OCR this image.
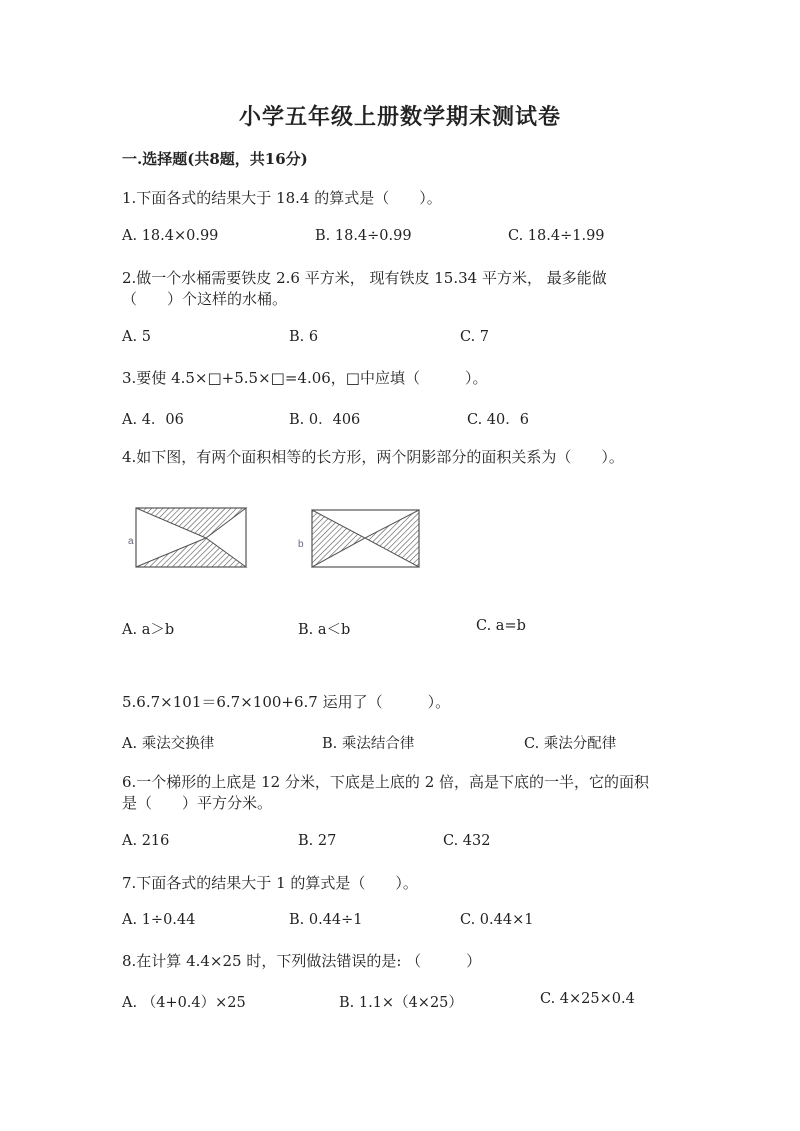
小学五年级上册数学期末测试卷
一.选择题(共8题，共16分)
1.下面各式的结果大于 18.4 的算式是（　　）。
A. 18.4×0.99	B. 18.4÷0.99	C. 18.4÷1.99
2.做一个水桶需要铁皮 2.6 平方米， 现有铁皮 15.34 平方米， 最多能做
（　　）个这样的水桶。
A. 5	B. 6	C. 7
3.要使 4.5×□+5.5×□=4.06，□中应填（　　　）。
A. 4．06	B. 0．406	C. 40．6
4.如下图，有两个面积相等的长方形，两个阴影部分的面积关系为（　　）。
a	b
A. a＞b	B. a＜b	C. a=b
5.6.7×101＝6.7×100+6.7 运用了（　　　）。
A. 乘法交换律	B. 乘法结合律	C. 乘法分配律
6.一个梯形的上底是 12 分米，下底是上底的 2 倍，高是下底的一半，它的面积
是（　　）平方分米。
A. 216	B. 27	C. 432
7.下面各式的结果大于 1 的算式是（　　）。
A. 1÷0.44	B. 0.44÷1	C. 0.44×1
8.在计算 4.4×25 时，下列做法错误的是: （　　　）
A. （4+0.4）×25	B. 1.1×（4×25）	C. 4×25×0.4
